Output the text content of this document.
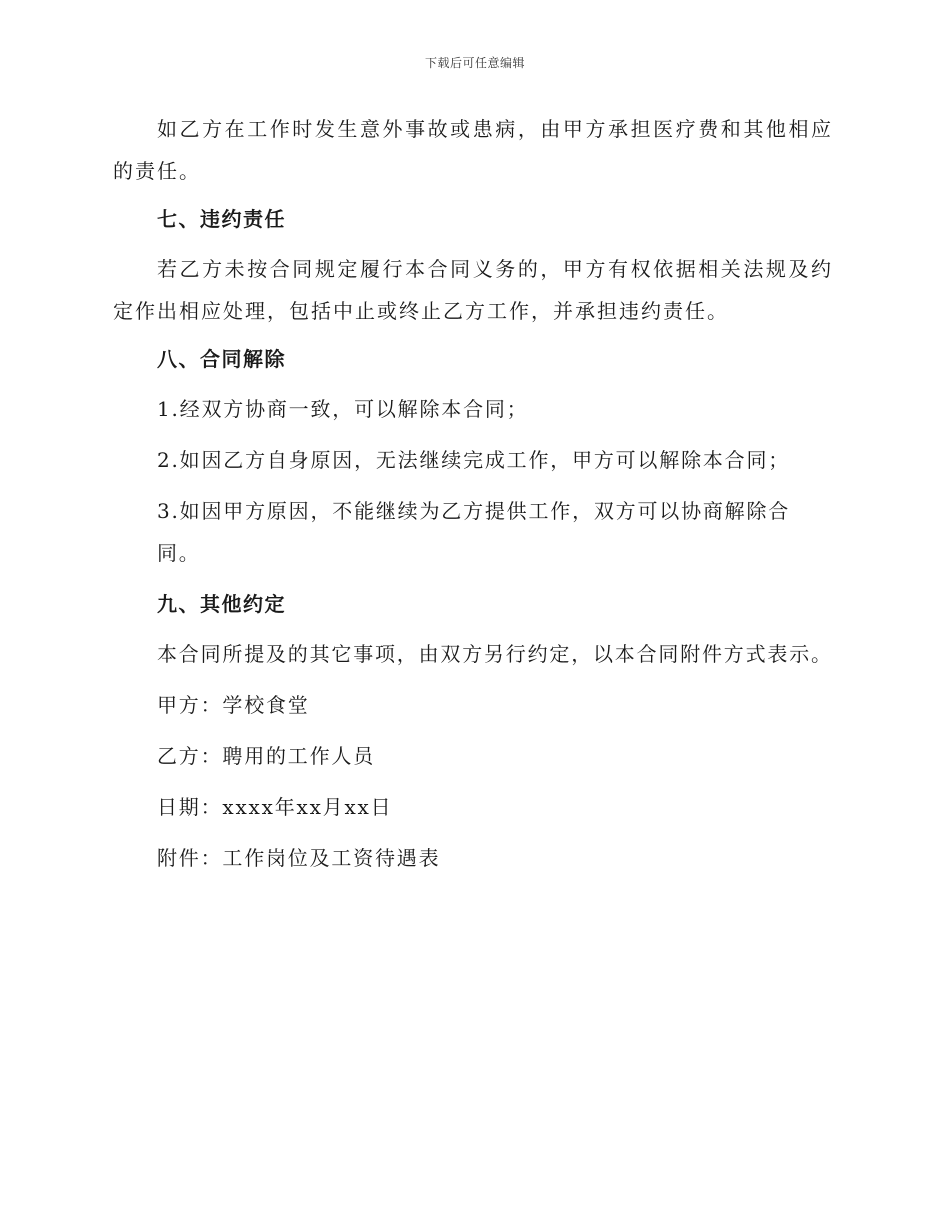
下载后可任意编辑

如乙方在工作时发生意外事故或患病，由甲方承担医疗费和其他相应的责任。

七、违约责任

若乙方未按合同规定履行本合同义务的，甲方有权依据相关法规及约定作出相应处理，包括中止或终止乙方工作，并承担违约责任。

八、合同解除
1.经双方协商一致，可以解除本合同；
2.如因乙方自身原因，无法继续完成工作，甲方可以解除本合同；
3.如因甲方原因，不能继续为乙方提供工作，双方可以协商解除合同。
九、其他约定
本合同所提及的其它事项，由双方另行约定，以本合同附件方式表示。
甲方：学校食堂
乙方：聘用的工作人员
日期：xxxx年xx月xx日
附件：工作岗位及工资待遇表
